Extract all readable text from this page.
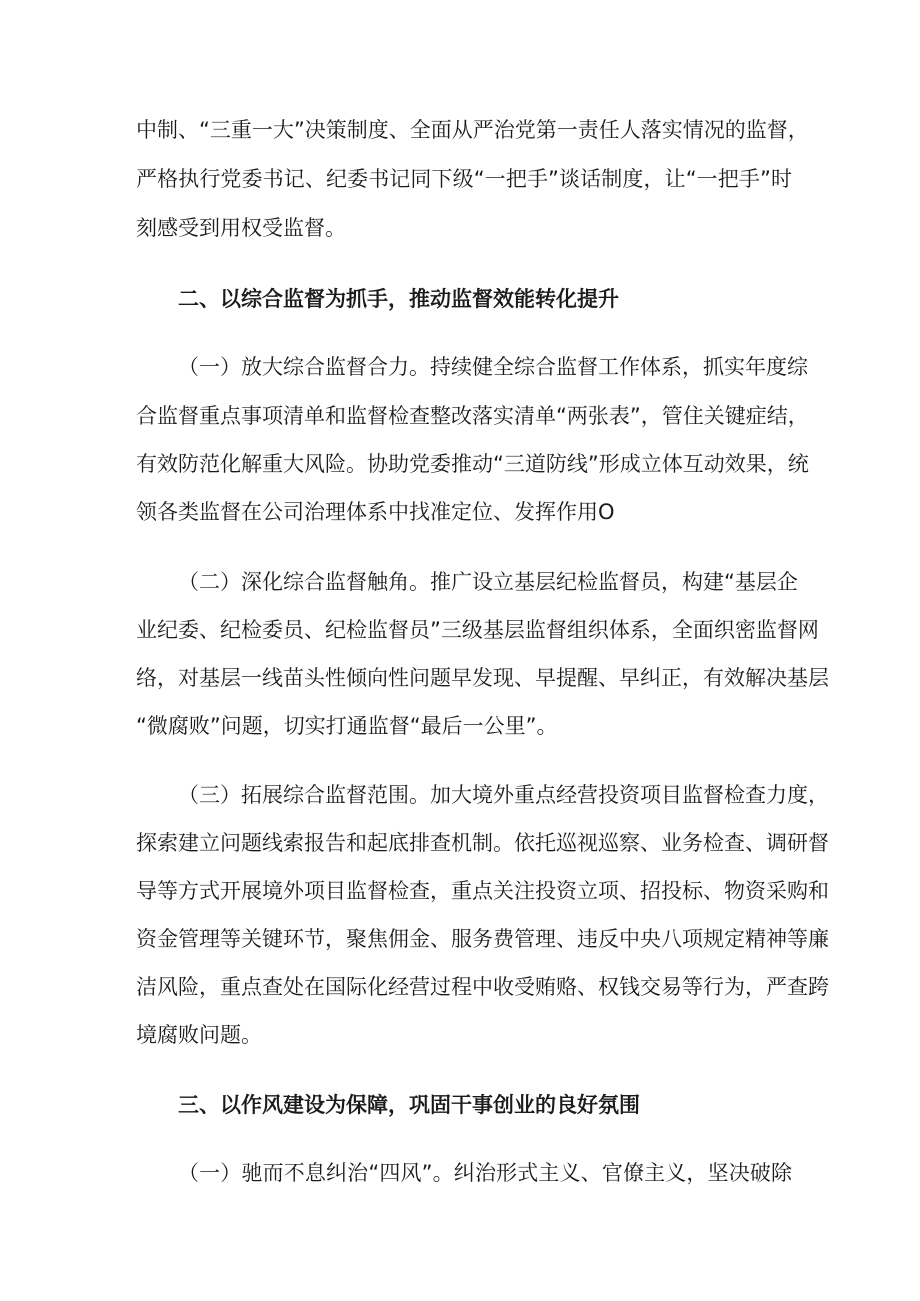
中制、“三重一大”决策制度、全面从严治党第一责任人落实情况的监督，
严格执行党委书记、纪委书记同下级“一把手”谈话制度，让“一把手”时
刻感受到用权受监督。
二、以综合监督为抓手，推动监督效能转化提升
（一）放大综合监督合力。持续健全综合监督工作体系，抓实年度综
合监督重点事项清单和监督检查整改落实清单“两张表”，管住关键症结，
有效防范化解重大风险。协助党委推动“三道防线”形成立体互动效果，统
领各类监督在公司治理体系中找准定位、发挥作用O
（二）深化综合监督触角。推广设立基层纪检监督员，构建“基层企
业纪委、纪检委员、纪检监督员”三级基层监督组织体系，全面织密监督网
络，对基层一线苗头性倾向性问题早发现、早提醒、早纠正，有效解决基层
“微腐败”问题，切实打通监督“最后一公里”。
（三）拓展综合监督范围。加大境外重点经营投资项目监督检查力度，
探索建立问题线索报告和起底排查机制。依托巡视巡察、业务检查、调研督
导等方式开展境外项目监督检查，重点关注投资立项、招投标、物资采购和
资金管理等关键环节，聚焦佣金、服务费管理、违反中央八项规定精神等廉
洁风险，重点查处在国际化经营过程中收受贿赂、权钱交易等行为，严查跨
境腐败问题。
三、以作风建设为保障，巩固干事创业的良好氛围
（一）驰而不息纠治“四风”。纠治形式主义、官僚主义，坚决破除
